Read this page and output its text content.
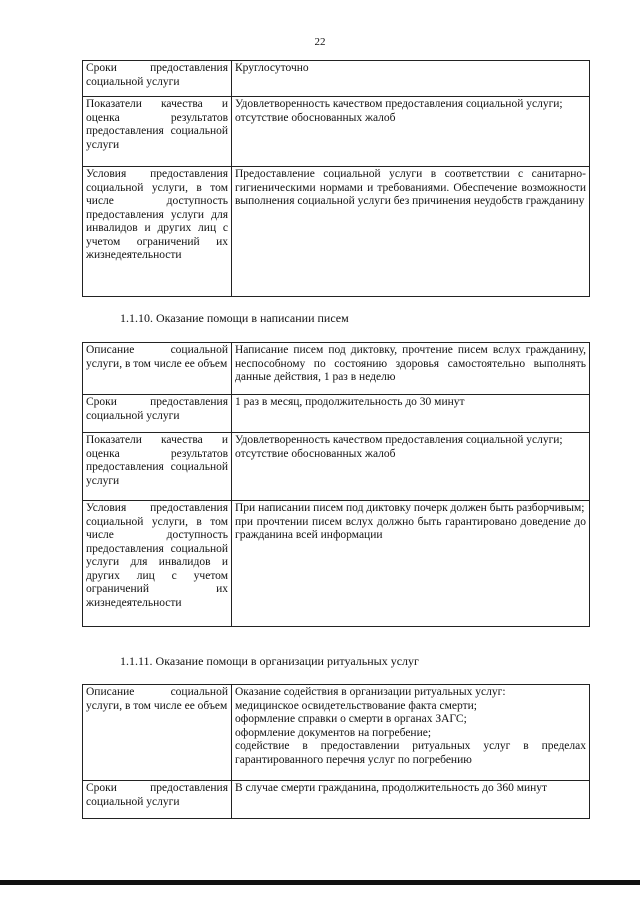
22
Сроки предоставления социальной услуги	Круглосуточно

Показатели качества и оценка результатов предоставления социальной услуги	Удовлетворенность качеством предоставления социальной услуги;
отсутствие обоснованных жалоб

Условия предоставления социальной услуги, в том числе доступность предоставления услуги для инвалидов и других лиц с учетом ограничений их жизнедеятельности	Предоставление социальной услуги в соответствии с санитарно-гигиеническими нормами и требованиями. Обеспечение возможности выполнения социальной услуги без причинения неудобств гражданину
1.1.10. Оказание помощи в написании писем
Описание социальной услуги, в том числе ее объем	Написание писем под диктовку, прочтение писем вслух гражданину, неспособному по состоянию здоровья самостоятельно выполнять данные действия, 1 раз в неделю

Сроки предоставления социальной услуги	1 раз в месяц, продолжительность до 30 минут

Показатели качества и оценка результатов предоставления социальной услуги	Удовлетворенность качеством предоставления социальной услуги;
отсутствие обоснованных жалоб

Условия предоставления социальной услуги, в том числе доступность предоставления социальной услуги для инвалидов и других лиц с учетом ограничений их жизнедеятельности	При написании писем под диктовку почерк должен быть разборчивым;
при прочтении писем вслух должно быть гарантировано доведение до гражданина всей информации
1.1.11. Оказание помощи в организации ритуальных услуг
Описание социальной услуги, в том числе ее объем	Оказание содействия в организации ритуальных услуг:
медицинское освидетельствование факта смерти;
оформление справки о смерти в органах ЗАГС;
оформление документов на погребение;
содействие в предоставлении ритуальных услуг в пределах гарантированного перечня услуг по погребению

Сроки предоставления социальной услуги	В случае смерти гражданина, продолжительность до 360 минут
